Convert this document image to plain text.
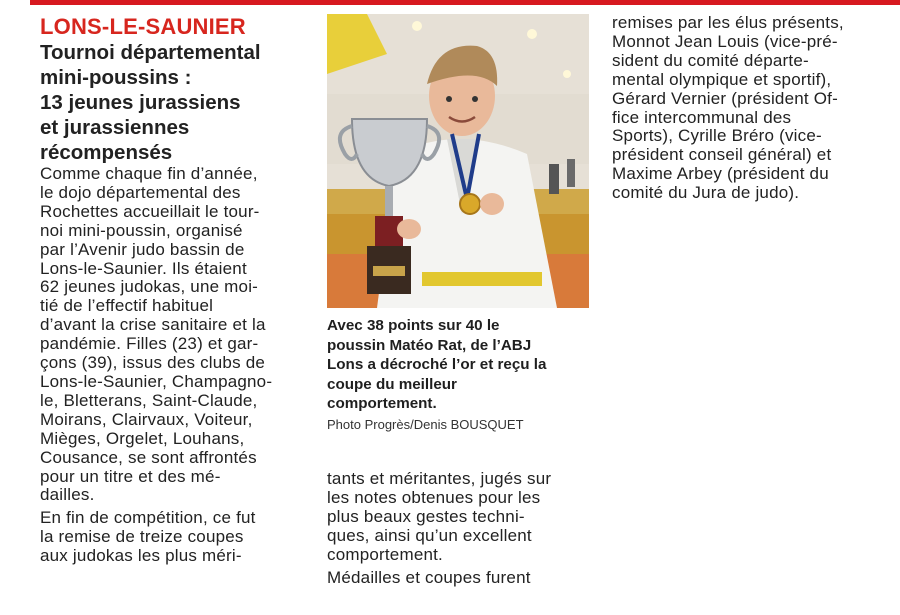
LONS-LE-SAUNIER
Tournoi départemental
mini-poussins :
13 jeunes jurassiens
et jurassiennes
récompensés

Comme chaque fin d’année,
le dojo départemental des
Rochettes accueillait le tour-
noi mini-poussin, organisé
par l’Avenir judo bassin de
Lons-le-Saunier. Ils étaient
62 jeunes judokas, une moi-
tié de l’effectif habituel
d’avant la crise sanitaire et la
pandémie. Filles (23) et gar-
çons (39), issus des clubs de
Lons-le-Saunier, Champagno-
le, Bletterans, Saint-Claude,
Moirans, Clairvaux, Voiteur,
Mièges, Orgelet, Louhans,
Cousance, se sont affrontés
pour un titre et des mé-
dailles.

En fin de compétition, ce fut
la remise de treize coupes
aux judokas les plus méri-

Avec 38 points sur 40 le
poussin Matéo Rat, de l’ABJ
Lons a décroché l’or et reçu la
coupe du meilleur
comportement.

Photo Progrès/Denis BOUSQUET

tants et méritantes, jugés sur
les notes obtenues pour les
plus beaux gestes techni-
ques, ainsi qu’un excellent
comportement.

Médailles et coupes furent

remises par les élus présents,
Monnot Jean Louis (vice-pré-
sident du comité départe-
mental olympique et sportif),
Gérard Vernier (président Of-
fice intercommunal des
Sports), Cyrille Bréro (vice-
président conseil général) et
Maxime Arbey (président du
comité du Jura de judo).
